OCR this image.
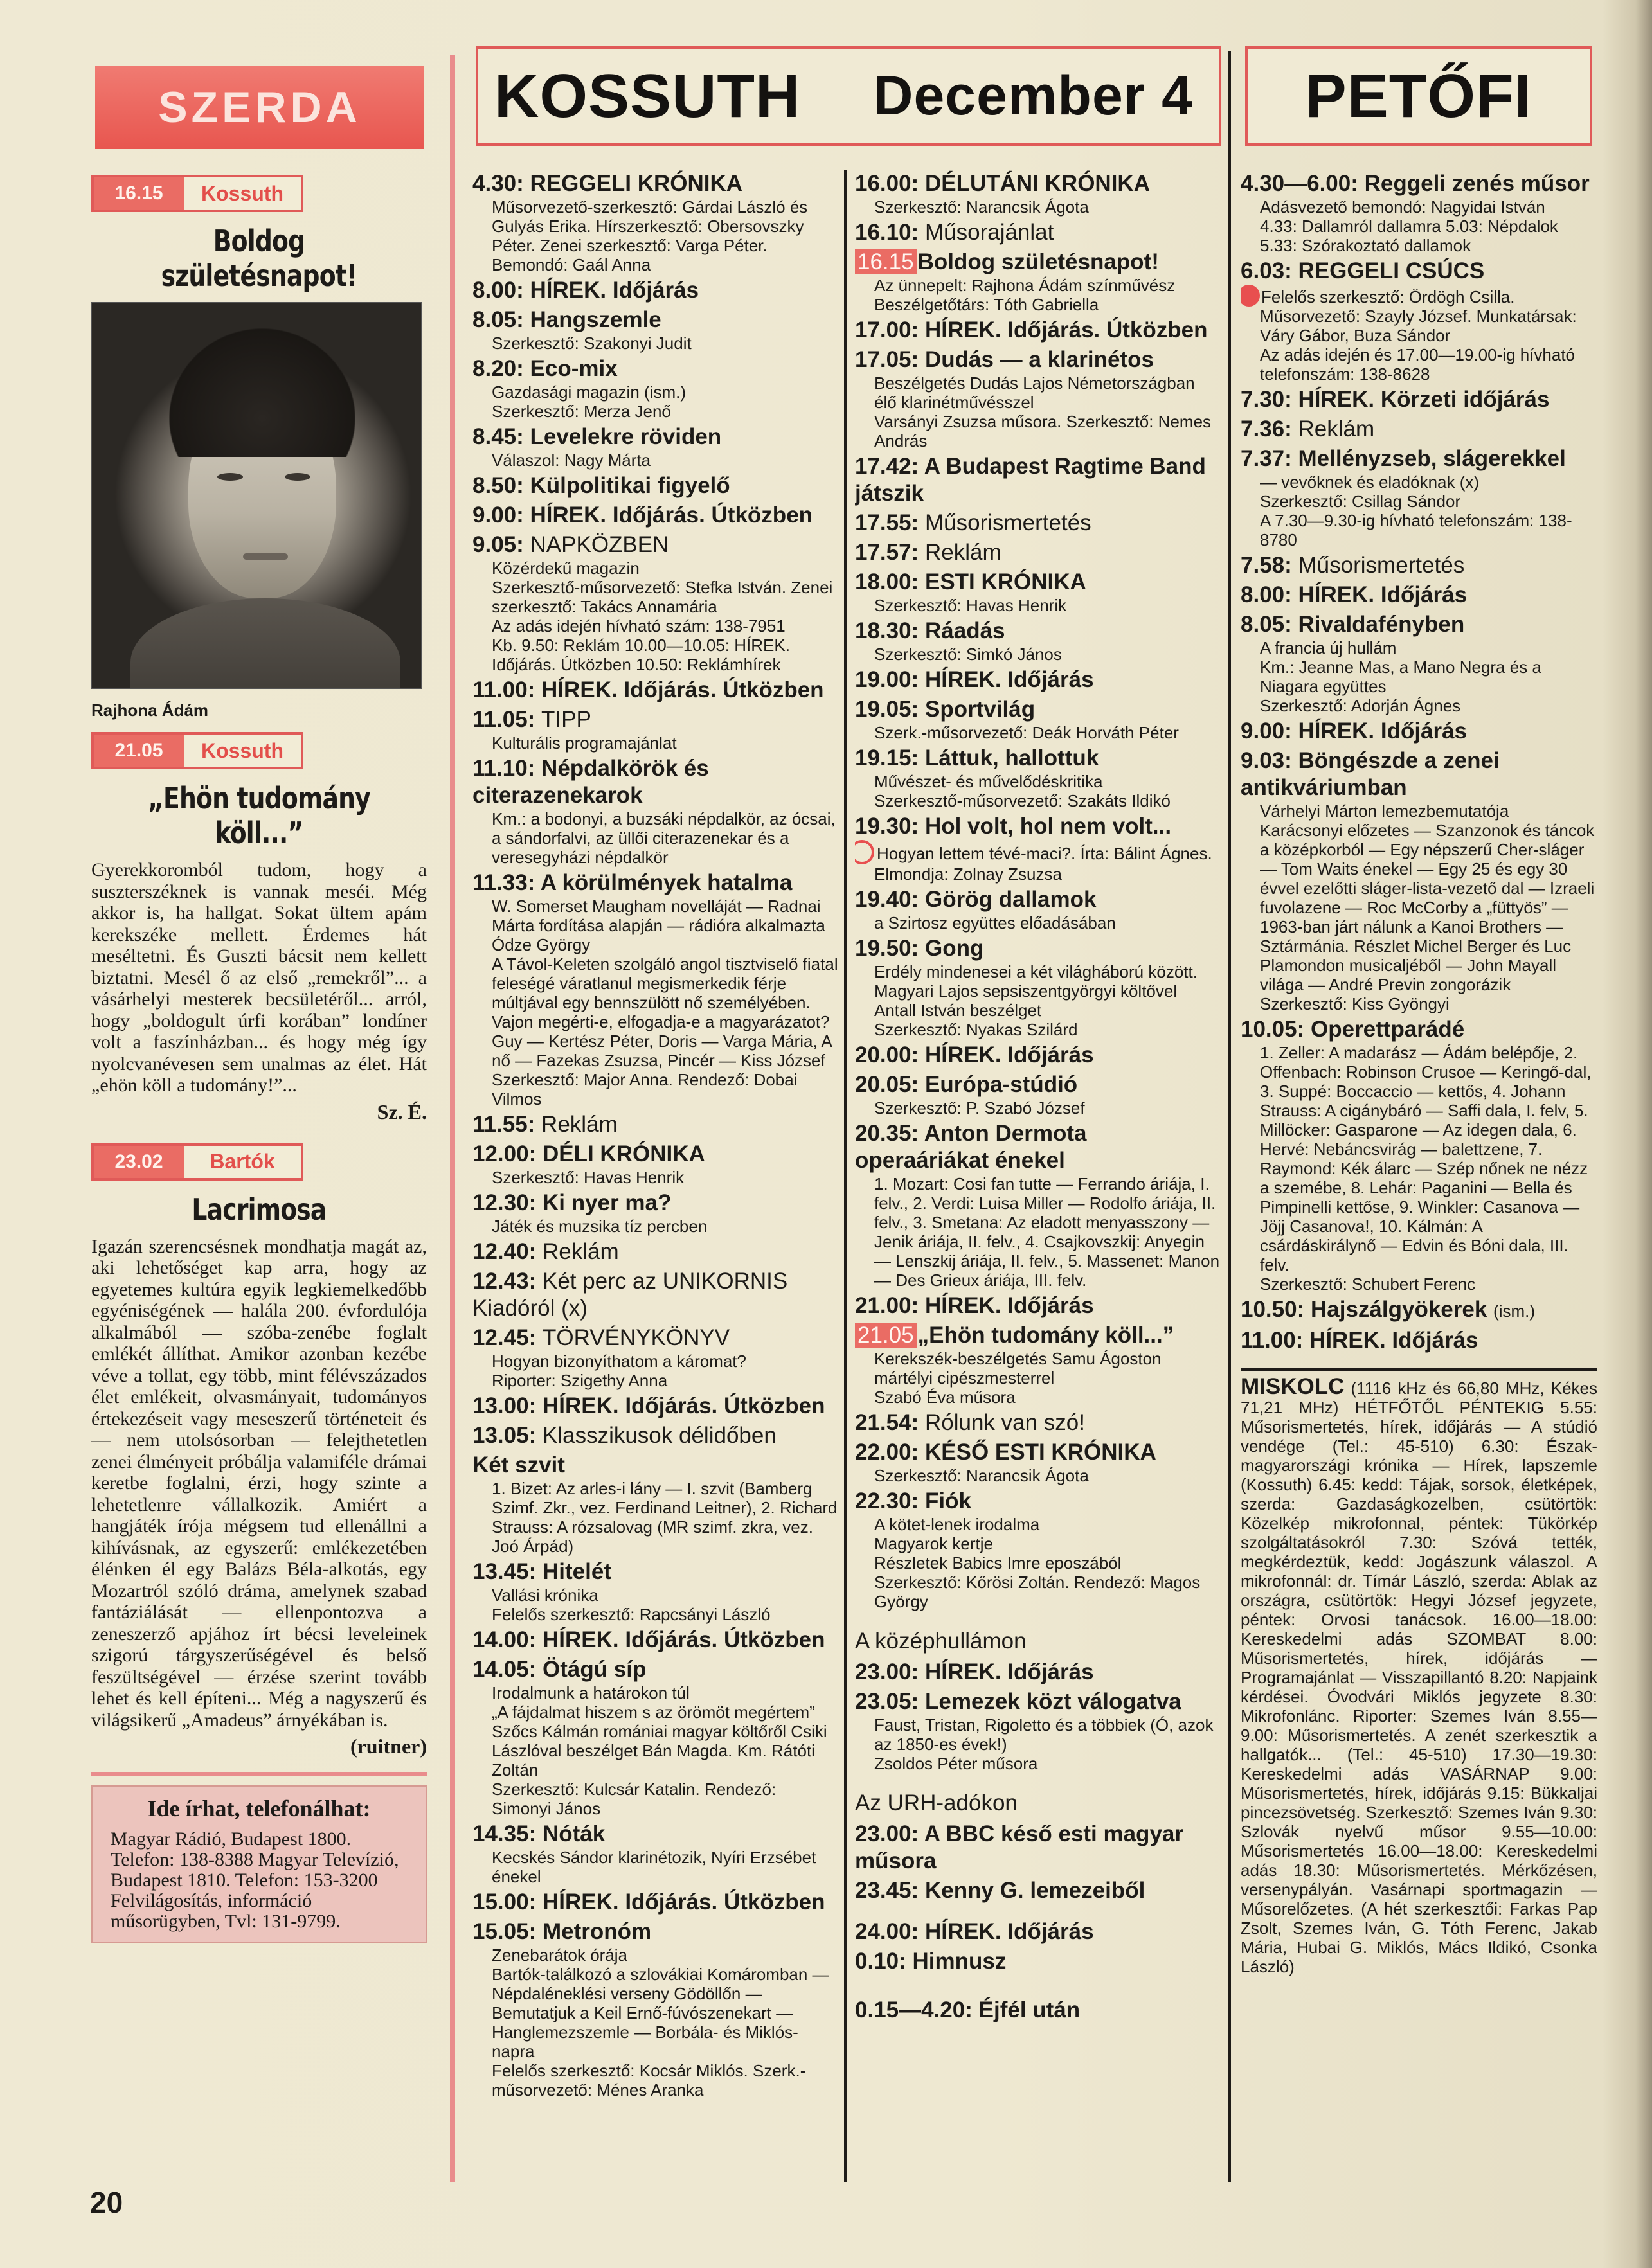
SZERDA	KOSSUTH December 4 PETŐFI
16.15	Kossuth
Boldog születésnapot!
Rajhona Ádám
21.05	Kossuth
„Ehön tudomány köll...”
Gyerekkoromból tudom, hogy a suszterszéknek is vannak meséi. Még akkor is, ha hallgat. Sokat ültem apám kerekszéke mellett. Érdemes hát meséltetni. És Guszti bácsit nem kellett biztatni. Mesél ő az első „remekről”... a vásárhelyi mesterek becsületéről... arról, hogy „boldogult úrfi korában” londíner volt a faszínházban... és hogy még így nyolcvanévesen sem unalmas az élet. Hát „ehön köll a tudomány!”...
Sz. É.
23.02	Bartók
Lacrimosa
Igazán szerencsésnek mondhatja magát az, aki lehetőséget kap arra, hogy az egyetemes kultúra egyik legkiemelkedőbb egyéniségének — halála 200. évfordulója alkalmából — szóba-zenébe foglalt emlékét állíthat. Amikor azonban kezébe véve a tollat, egy több, mint félévszázados élet emlékeit, olvasmányait, tudományos értekezéseit vagy meseszerű történeteit és — nem utolsósorban — felejthetetlen zenei élményeit próbálja valamiféle drámai keretbe foglalni, érzi, hogy szinte a lehetetlenre vállalkozik. Amiért a hangjáték írója mégsem tud ellenállni a kihívásnak, az egyszerű: emlékezetében élénken él egy Balázs Béla-alkotás, egy Mozartról szóló dráma, amelynek szabad fantáziálását — ellenpontozva a zeneszerző apjához írt bécsi leveleinek szigorú tárgyszerűségével és belső feszültségével — érzése szerint tovább lehet és kell építeni... Még a nagyszerű és világsikerű „Amadeus” árnyékában is.
(ruitner)
Ide írhat, telefonálhat:
Magyar Rádió, Budapest 1800. Telefon: 138-8388 Magyar Televízió, Budapest 1810. Telefon: 153-3200 Felvilágosítás, információ műsorügyben, Tvl: 131-9799.
4.30: REGGELI KRÓNIKA
Műsorvezető-szerkesztő: Gárdai László és Gulyás Erika. Hírszerkesztő: Obersovszky Péter. Zenei szerkesztő: Varga Péter. Bemondó: Gaál Anna
8.00: HÍREK. Időjárás
8.05: Hangszemle
Szerkesztő: Szakonyi Judit
8.20: Eco-mix
Gazdasági magazin (ism.)
Szerkesztő: Merza Jenő
8.45: Levelekre röviden
Válaszol: Nagy Márta
8.50: Külpolitikai figyelő
9.00: HÍREK. Időjárás. Útközben
9.05: NAPKÖZBEN
Közérdekű magazin
Szerkesztő-műsorvezető: Stefka István. Zenei szerkesztő: Takács Annamária
Az adás idején hívható szám: 138-7951
Kb. 9.50: Reklám 10.00—10.05: HÍREK. Időjárás. Útközben 10.50: Reklámhírek
11.00: HÍREK. Időjárás. Útközben
11.05: TIPP
Kulturális programajánlat
11.10: Népdalkörök és citerazenekarok
Km.: a bodonyi, a buzsáki népdalkör, az ócsai, a sándorfalvi, az üllői citerazenekar és a veresegyházi népdalkör
11.33: A körülmények hatalma
W. Somerset Maugham novelláját — Radnai Márta fordítása alapján — rádióra alkalmazta Ódze György
A Távol-Keleten szolgáló angol tisztviselő fiatal feleségé váratlanul megismerkedik férje múltjával egy bennszülött nő személyében. Vajon megérti-e, elfogadja-e a magyarázatot?
Guy — Kertész Péter, Doris — Varga Mária, A nő — Fazekas Zsuzsa, Pincér — Kiss József
Szerkesztő: Major Anna. Rendező: Dobai Vilmos
11.55: Reklám
12.00: DÉLI KRÓNIKA
Szerkesztő: Havas Henrik
12.30: Ki nyer ma?
Játék és muzsika tíz percben
12.40: Reklám
12.43: Két perc az UNIKORNIS Kiadóról (x)
12.45: TÖRVÉNYKÖNYV
Hogyan bizonyíthatom a káromat?
Riporter: Szigethy Anna
13.00: HÍREK. Időjárás. Útközben
13.05: Klasszikusok délidőben
Két szvit
1. Bizet: Az arles-i lány — I. szvit (Bamberg Szimf. Zkr., vez. Ferdinand Leitner), 2. Richard Strauss: A rózsalovag (MR szimf. zkra, vez. Joó Árpád)
13.45: Hitelét
Vallási krónika
Felelős szerkesztő: Rapcsányi László
14.00: HÍREK. Időjárás. Útközben
14.05: Ötágú síp
Irodalmunk a határokon túl
„A fájdalmat hiszem s az örömöt megértem”
Szőcs Kálmán romániai magyar költőről Csiki Lászlóval beszélget Bán Magda. Km. Rátóti Zoltán
Szerkesztő: Kulcsár Katalin. Rendező: Simonyi János
14.35: Nóták
Kecskés Sándor klarinétozik, Nyíri Erzsébet énekel
15.00: HÍREK. Időjárás. Útközben
15.05: Metronóm
Zenebarátok órája
Bartók-találkozó a szlovákiai Komáromban — Népdaléneklési verseny Gödöllőn — Bemutatjuk a Keil Ernő-fúvószenekart — Hanglemezszemle — Borbála- és Miklós-napra
Felelős szerkesztő: Kocsár Miklós. Szerk.-műsorvezető: Ménes Aranka
16.00: DÉLUTÁNI KRÓNIKA
Szerkesztő: Narancsik Ágota
16.10: Műsorajánlat
16.15 Boldog születésnapot!
Az ünnepelt: Rajhona Ádám színművész
Beszélgetőtárs: Tóth Gabriella
17.00: HÍREK. Időjárás. Útközben
17.05: Dudás — a klarinétos
Beszélgetés Dudás Lajos Németországban élő klarinétművésszel
Varsányi Zsuzsa műsora. Szerkesztő: Nemes András
17.42: A Budapest Ragtime Band játszik
17.55: Műsorismertetés
17.57: Reklám
18.00: ESTI KRÓNIKA
Szerkesztő: Havas Henrik
18.30: Ráadás
Szerkesztő: Simkó János
19.00: HÍREK. Időjárás
19.05: Sportvilág
Szerk.-műsorvezető: Deák Horváth Péter
19.15: Láttuk, hallottuk
Művészet- és művelődéskritika
Szerkesztő-műsorvezető: Szakáts Ildikó
19.30: Hol volt, hol nem volt...
Hogyan lettem tévé-maci?. Írta: Bálint Ágnes. Elmondja: Zolnay Zsuzsa
19.40: Görög dallamok
a Szirtosz együttes előadásában
19.50: Gong
Erdély mindenesei a két világháború között. Magyari Lajos sepsiszentgyörgyi költővel Antall István beszélget
Szerkesztő: Nyakas Szilárd
20.00: HÍREK. Időjárás
20.05: Európa-stúdió
Szerkesztő: P. Szabó József
20.35: Anton Dermota operaáriákat énekel
1. Mozart: Cosi fan tutte — Ferrando áriája, I. felv., 2. Verdi: Luisa Miller — Rodolfo áriája, II. felv., 3. Smetana: Az eladott menyasszony — Jenik áriája, II. felv., 4. Csajkovszkij: Anyegin — Lenszkij áriája, II. felv., 5. Massenet: Manon — Des Grieux áriája, III. felv.
21.00: HÍREK. Időjárás
21.05 „Ehön tudomány köll...”
Kerekszék-beszélgetés Samu Ágoston mártélyi cipészmesterrel
Szabó Éva műsora
21.54: Rólunk van szó!
22.00: KÉSŐ ESTI KRÓNIKA
Szerkesztő: Narancsik Ágota
22.30: Fiók
A kötet-lenek irodalma
Magyarok kertje
Részletek Babics Imre eposzából
Szerkesztő: Kőrösi Zoltán. Rendező: Magos György
A középhullámon
23.00: HÍREK. Időjárás
23.05: Lemezek közt válogatva
Faust, Tristan, Rigoletto és a többiek (Ó, azok az 1850-es évek!)
Zsoldos Péter műsora
Az URH-adókon
23.00: A BBC késő esti magyar műsora
23.45: Kenny G. lemezeiből
24.00: HÍREK. Időjárás
0.10: Himnusz
0.15—4.20: Éjfél után
4.30—6.00: Reggeli zenés műsor
Adásvezető bemondó: Nagyidai István
4.33: Dallamról dallamra 5.03: Népdalok 5.33: Szórakoztató dallamok
6.03: REGGELI CSÚCS
Felelős szerkesztő: Ördögh Csilla. Műsorvezető: Szayly József. Munkatársak: Váry Gábor, Buza Sándor
Az adás idején és 17.00—19.00-ig hívható telefonszám: 138-8628
7.30: HÍREK. Körzeti időjárás
7.36: Reklám
7.37: Mellényzseb, slágerekkel
— vevőknek és eladóknak (x)
Szerkesztő: Csillag Sándor
A 7.30—9.30-ig hívható telefonszám: 138-8780
7.58: Műsorismertetés
8.00: HÍREK. Időjárás
8.05: Rivaldafényben
A francia új hullám
Km.: Jeanne Mas, a Mano Negra és a Niagara együttes
Szerkesztő: Adorján Ágnes
9.00: HÍREK. Időjárás
9.03: Böngészde a zenei antikváriumban
Várhelyi Márton lemezbemutatója
Karácsonyi előzetes — Szanzonok és táncok a középkorból — Egy népszerű Cher-sláger — Tom Waits énekel — Egy 25 és egy 30 évvel ezelőtti sláger-lista-vezető dal — Izraeli fuvolazene — Roc McCorby a „füttyös” — 1963-ban járt nálunk a Kanoi Brothers — Sztármánia. Részlet Michel Berger és Luc Plamondon musicaljéből — John Mayall világa — André Previn zongorázik
Szerkesztő: Kiss Gyöngyi
10.05: Operettparádé
1. Zeller: A madarász — Ádám belépője, 2. Offenbach: Robinson Crusoe — Keringő-dal, 3. Suppé: Boccaccio — kettős, 4. Johann Strauss: A cigánybáró — Saffi dala, I. felv, 5. Millöcker: Gasparone — Az idegen dala, 6. Hervé: Nebáncsvirág — balettzene, 7. Raymond: Kék álarc — Szép nőnek ne nézz a szemébe, 8. Lehár: Paganini — Bella és Pimpinelli kettőse, 9. Winkler: Casanova — Jöjj Casanova!, 10. Kálmán: A csárdáskirálynő — Edvin és Bóni dala, III. felv.
Szerkesztő: Schubert Ferenc
10.50: Hajszálgyökerek (ism.)
11.00: HÍREK. Időjárás
MISKOLC (1116 kHz és 66,80 MHz, Kékes 71,21 MHz) HÉTFŐTŐL PÉNTEKIG 5.55: Műsorismertetés, hírek, időjárás — A stúdió vendége (Tel.: 45-510) 6.30: Észak-magyarországi krónika — Hírek, lapszemle (Kossuth) 6.45: kedd: Tájak, sorsok, életképek, szerda: Gazdaságkozelben, csütörtök: Közelkép mikrofonnal, péntek: Tükörkép szolgáltatásokról 7.30: Szóvá tették, megkérdeztük, kedd: Jogászunk válaszol. A mikrofonnál: dr. Tímár László, szerda: Ablak az országra, csütörtök: Hegyi József jegyzete, péntek: Orvosi tanácsok. 16.00—18.00: Kereskedelmi adás SZOMBAT 8.00: Műsorismertetés, hírek, időjárás — Programajánlat — Visszapillantó 8.20: Napjaink kérdései. Óvodvári Miklós jegyzete 8.30: Mikrofonlánc. Riporter: Szemes Iván 8.55—9.00: Műsorismertetés. A zenét szerkesztik a hallgatók... (Tel.: 45-510) 17.30—19.30: Kereskedelmi adás VASÁRNAP 9.00: Műsorismertetés, hírek, időjárás 9.15: Bükkaljai pincezsövetség. Szerkesztő: Szemes Iván 9.30: Szlovák nyelvű műsor 9.55—10.00: Műsorismertetés 16.00—18.00: Kereskedelmi adás 18.30: Műsorismertetés. Mérkőzésen, versenypályán. Vasárnapi sportmagazin — Műsorelőzetes. (A hét szerkesztői: Farkas Pap Zsolt, Szemes Iván, G. Tóth Ferenc, Jakab Mária, Hubai G. Miklós, Mács Ildikó, Csonka László)
20
